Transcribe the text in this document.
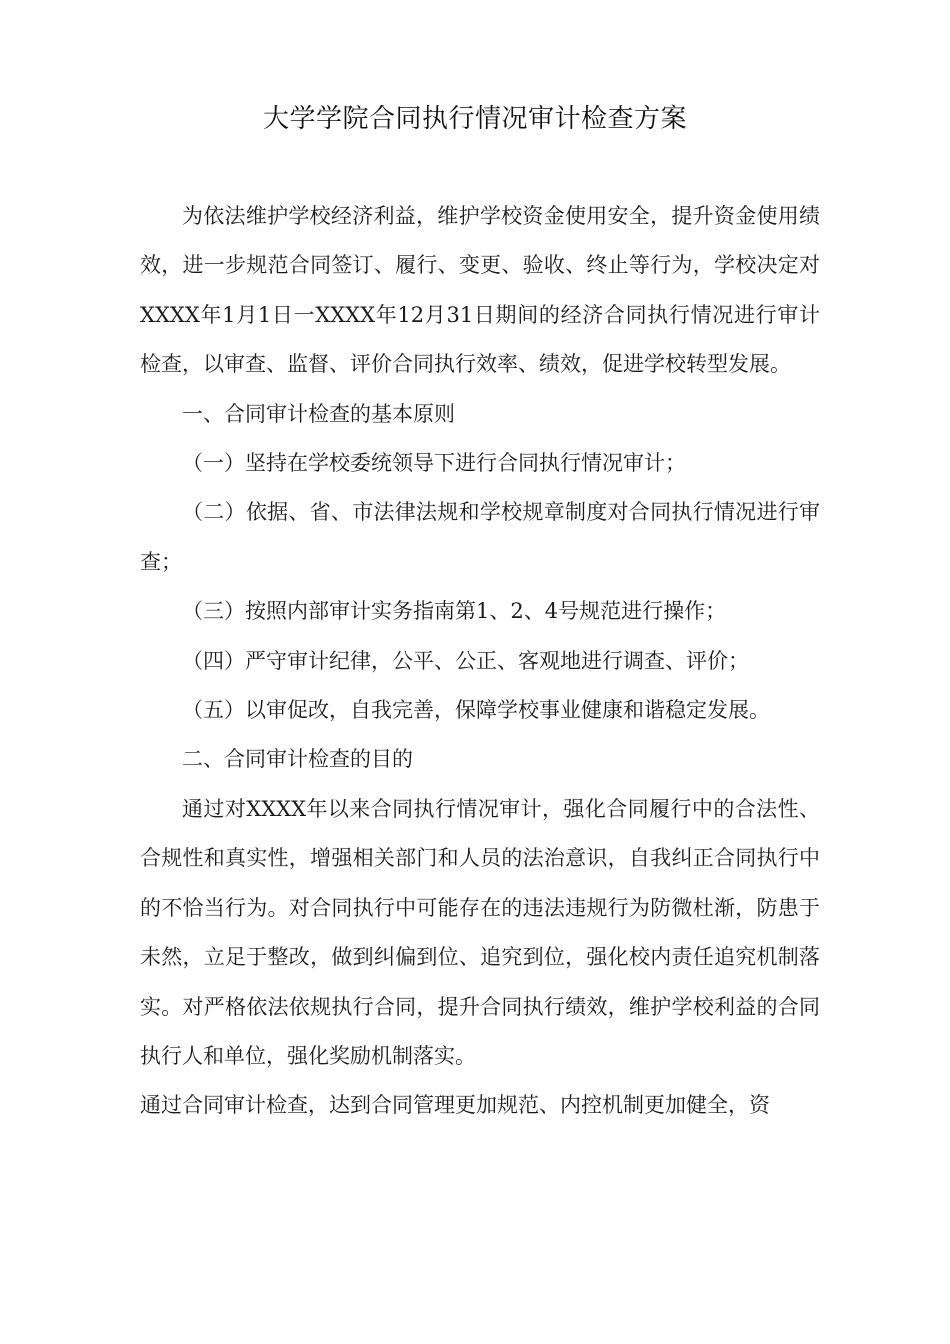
大学学院合同执行情况审计检查方案

为依法维护学校经济利益，维护学校资金使用安全，提升资金使用绩效，进一步规范合同签订、履行、变更、验收、终止等行为，学校决定对XXXX年1月1日一XXXX年12月31日期间的经济合同执行情况进行审计检查，以审查、监督、评价合同执行效率、绩效，促进学校转型发展。

一、合同审计检查的基本原则

（一）坚持在学校委统领导下进行合同执行情况审计；

（二）依据、省、市法律法规和学校规章制度对合同执行情况进行审查；

（三）按照内部审计实务指南第1、2、4号规范进行操作；

（四）严守审计纪律，公平、公正、客观地进行调查、评价；

（五）以审促改，自我完善，保障学校事业健康和谐稳定发展。

二、合同审计检查的目的

通过对XXXX年以来合同执行情况审计，强化合同履行中的合法性、合规性和真实性，增强相关部门和人员的法治意识，自我纠正合同执行中的不恰当行为。对合同执行中可能存在的违法违规行为防微杜渐，防患于未然，立足于整改，做到纠偏到位、追究到位，强化校内责任追究机制落实。对严格依法依规执行合同，提升合同执行绩效，维护学校利益的合同执行人和单位，强化奖励机制落实。

通过合同审计检查，达到合同管理更加规范、内控机制更加健全，资
